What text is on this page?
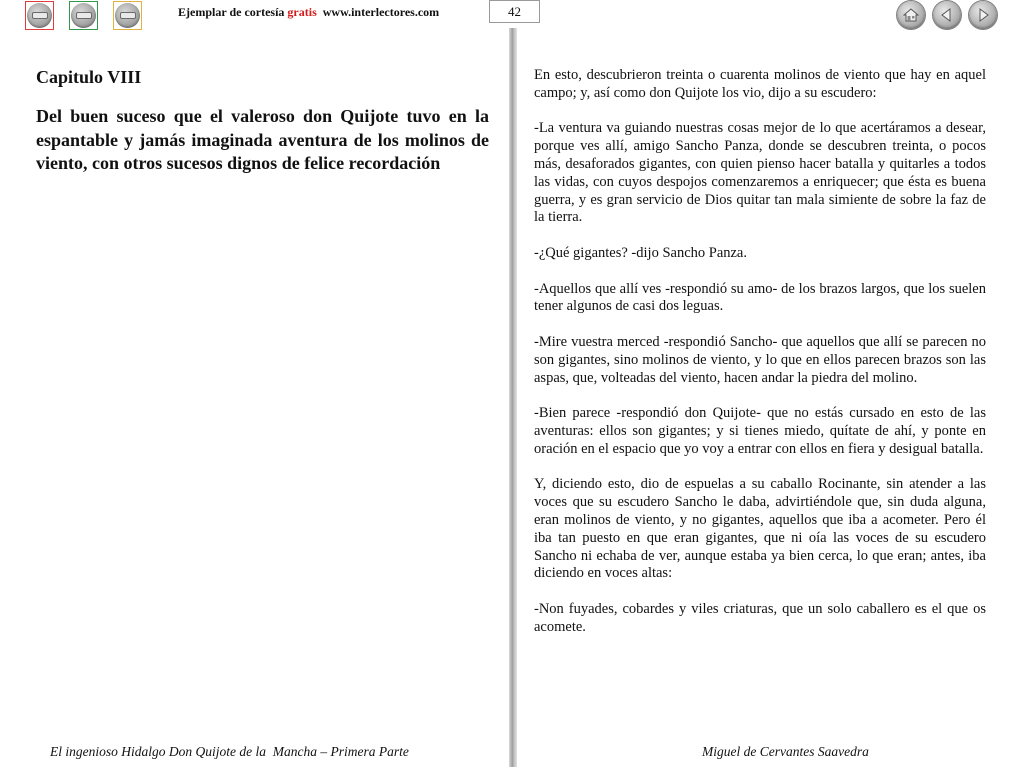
Ejemplar de cortesía gratis  www.interlectores.com	42
Capitulo VIII

Del buen suceso que el valeroso don Quijote tuvo en la espantable y jamás imaginada aventura de los molinos de viento, con otros sucesos dignos de felice recordación

En esto, descubrieron treinta o cuarenta molinos de viento que hay en aquel campo; y, así como don Quijote los vio, dijo a su escudero:

-La ventura va guiando nuestras cosas mejor de lo que acertáramos a desear, porque ves allí, amigo Sancho Panza, donde se descubren treinta, o pocos más, desaforados gigantes, con quien pienso hacer batalla y quitarles a todos las vidas, con cuyos despojos comenzaremos a enriquecer; que ésta es buena guerra, y es gran servicio de Dios quitar tan mala simiente de sobre la faz de la tierra.

-¿Qué gigantes? -dijo Sancho Panza.

-Aquellos que allí ves -respondió su amo- de los brazos largos, que los suelen tener algunos de casi dos leguas.

-Mire vuestra merced -respondió Sancho- que aquellos que allí se parecen no son gigantes, sino molinos de viento, y lo que en ellos parecen brazos son las aspas, que, volteadas del viento, hacen andar la piedra del molino.

-Bien parece -respondió don Quijote- que no estás cursado en esto de las aventuras: ellos son gigantes; y si tienes miedo, quítate de ahí, y ponte en oración en el espacio que yo voy a entrar con ellos en fiera y desigual batalla.

Y, diciendo esto, dio de espuelas a su caballo Rocinante, sin atender a las voces que su escudero Sancho le daba, advirtiéndole que, sin duda alguna, eran molinos de viento, y no gigantes, aquellos que iba a acometer. Pero él iba tan puesto en que eran gigantes, que ni oía las voces de su escudero Sancho ni echaba de ver, aunque estaba ya bien cerca, lo que eran; antes, iba diciendo en voces altas:

-Non fuyades, cobardes y viles criaturas, que un solo caballero es el que os acomete.

El ingenioso Hidalgo Don Quijote de la  Mancha – Primera Parte	Miguel de Cervantes Saavedra
